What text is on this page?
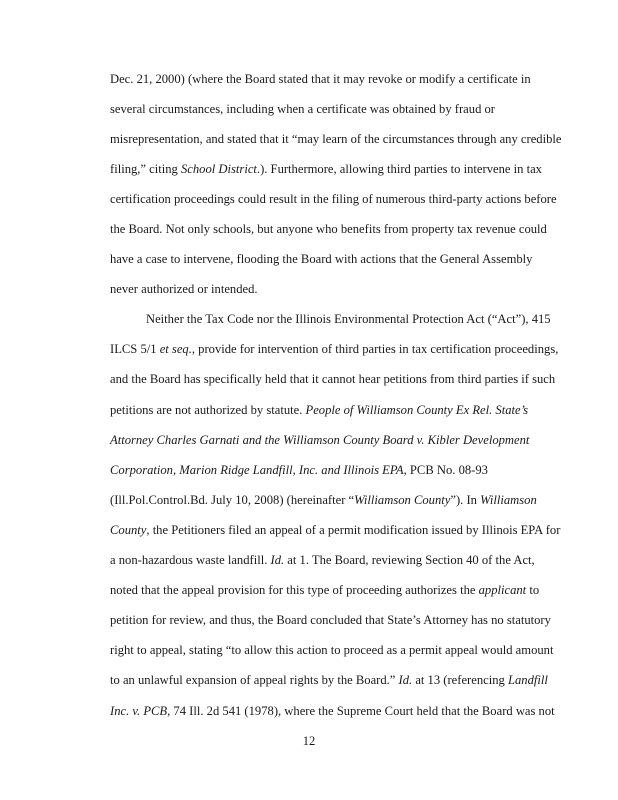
Dec. 21, 2000) (where the Board stated that it may revoke or modify a certificate in
several circumstances, including when a certificate was obtained by fraud or
misrepresentation, and stated that it “may learn of the circumstances through any credible
filing,” citing School District.). Furthermore, allowing third parties to intervene in tax
certification proceedings could result in the filing of numerous third-party actions before
the Board. Not only schools, but anyone who benefits from property tax revenue could
have a case to intervene, flooding the Board with actions that the General Assembly
never authorized or intended.
Neither the Tax Code nor the Illinois Environmental Protection Act (“Act”), 415
ILCS 5/1 et seq., provide for intervention of third parties in tax certification proceedings,
and the Board has specifically held that it cannot hear petitions from third parties if such
petitions are not authorized by statute. People of Williamson County Ex Rel. State’s
Attorney Charles Garnati and the Williamson County Board v. Kibler Development
Corporation, Marion Ridge Landfill, Inc. and Illinois EPA, PCB No. 08-93
(Ill.Pol.Control.Bd. July 10, 2008) (hereinafter “Williamson County”). In Williamson
County, the Petitioners filed an appeal of a permit modification issued by Illinois EPA for
a non-hazardous waste landfill. Id. at 1. The Board, reviewing Section 40 of the Act,
noted that the appeal provision for this type of proceeding authorizes the applicant to
petition for review, and thus, the Board concluded that State’s Attorney has no statutory
right to appeal, stating “to allow this action to proceed as a permit appeal would amount
to an unlawful expansion of appeal rights by the Board.” Id. at 13 (referencing Landfill
Inc. v. PCB, 74 Ill. 2d 541 (1978), where the Supreme Court held that the Board was not
12
